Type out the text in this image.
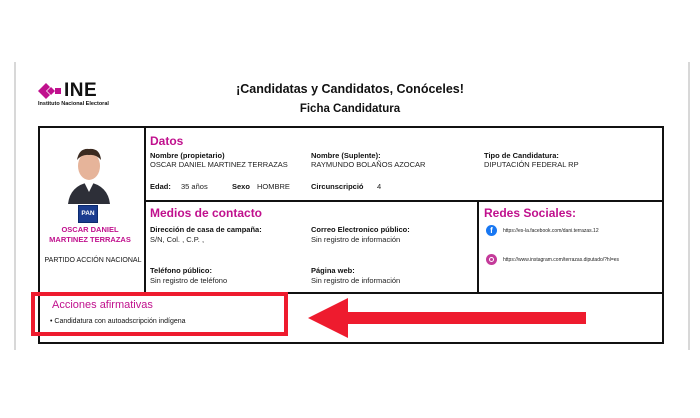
INE
Instituto Nacional Electoral
¡Candidatas y Candidatos, Conóceles!
Ficha Candidatura
PAN
OSCAR DANIEL
MARTINEZ TERRAZAS
PARTIDO ACCIÓN NACIONAL
Datos
Nombre (propietario)
OSCAR DANIEL MARTINEZ TERRAZAS
Nombre (Suplente):
RAYMUNDO BOLAÑOS AZOCAR
Tipo de Candidatura:
DIPUTACIÓN FEDERAL RP
Edad: 35 años	Sexo HOMBRE	Circunscripció 4
Medios de contacto
Dirección de casa de campaña:
S/N, Col. , C.P. ,
Correo Electronico público:
Sin registro de información
Teléfono público:
Sin registro de teléfono
Página web:
Sin registro de información
Redes Sociales:
f	https://es-la.facebook.com/dani.terrazas.12
https://www.instagram.com/terrazas.diputado/?hl=es
Acciones afirmativas
• Candidatura con autoadscripción indígena
